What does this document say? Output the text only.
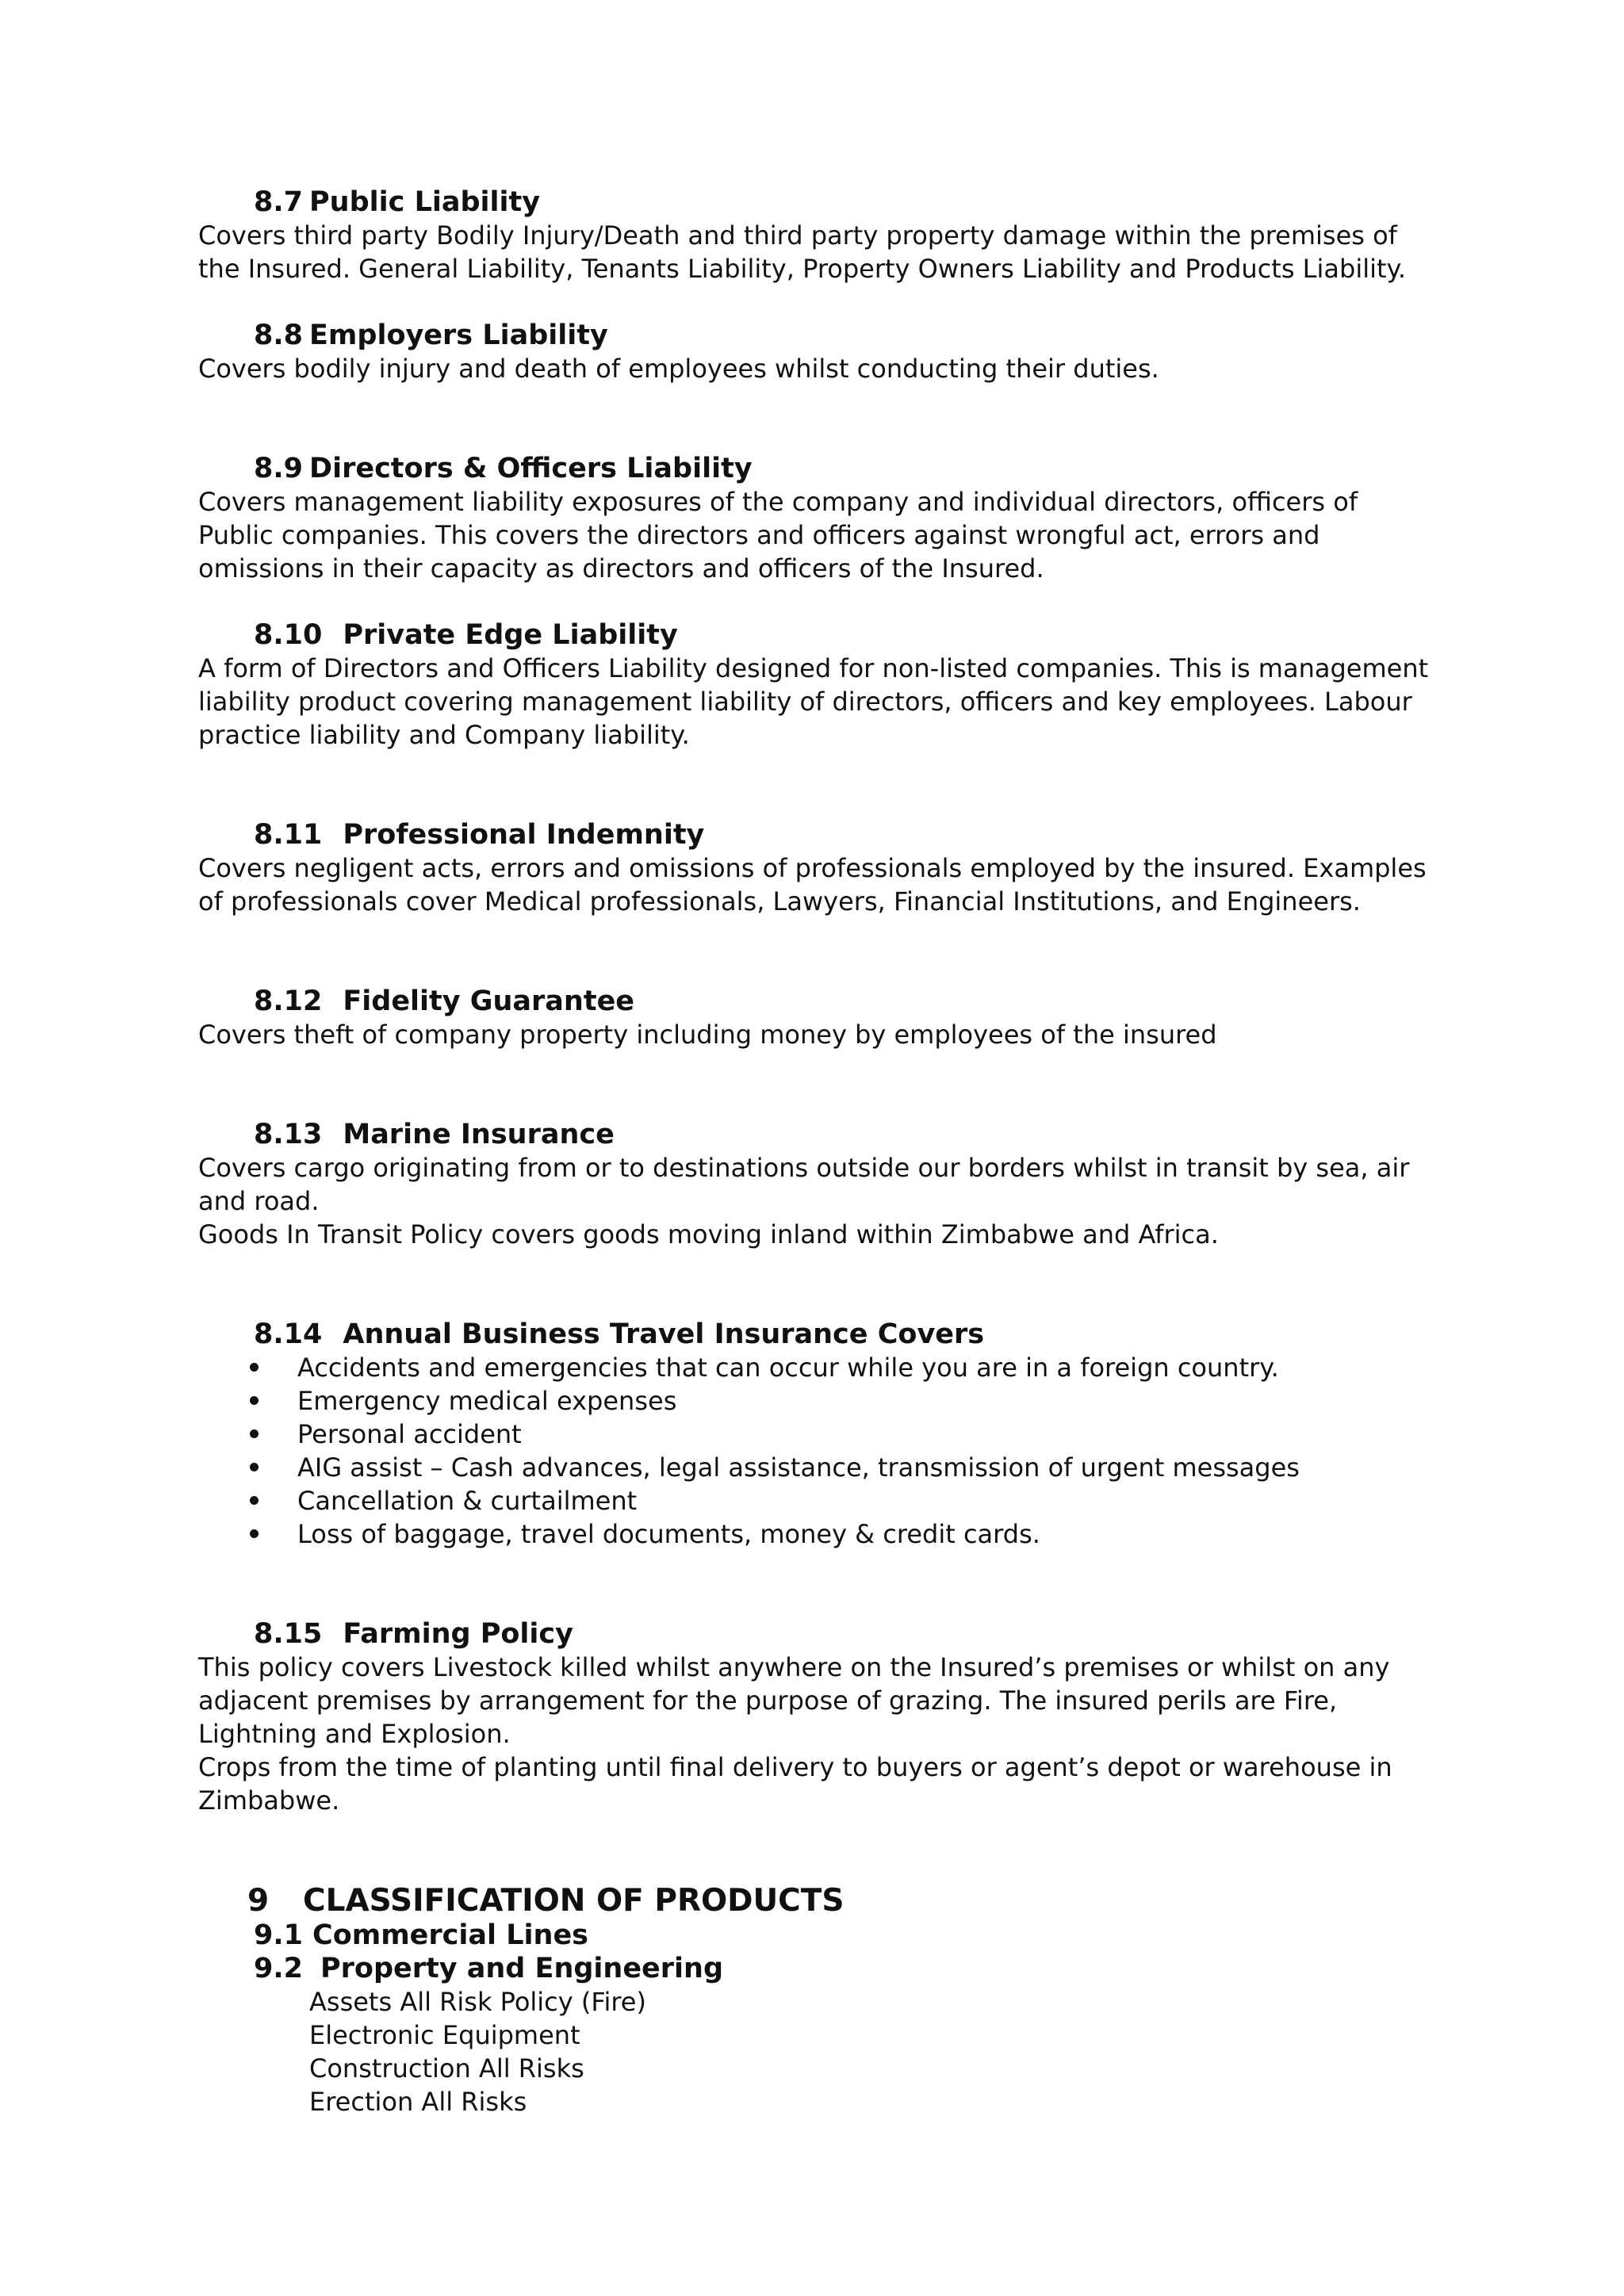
8.7 Public Liability

Covers third party Bodily Injury/Death and third party property damage within the premises of the Insured. General Liability, Tenants Liability, Property Owners Liability and Products Liability.

8.8 Employers Liability

Covers bodily injury and death of employees whilst conducting their duties.

8.9 Directors & Officers Liability

Covers management liability exposures of the company and individual directors, officers of Public companies. This covers the directors and officers against wrongful act, errors and omissions in their capacity as directors and officers of the Insured.

8.10 Private Edge Liability

A form of Directors and Officers Liability designed for non-listed companies. This is management liability product covering management liability of directors, officers and key employees. Labour practice liability and Company liability.

8.11 Professional Indemnity

Covers negligent acts, errors and omissions of professionals employed by the insured. Examples of professionals cover Medical professionals, Lawyers, Financial Institutions, and Engineers.

8.12 Fidelity Guarantee

Covers theft of company property including money by employees of the insured

8.13 Marine Insurance

Covers cargo originating from or to destinations outside our borders whilst in transit by sea, air and road.

Goods In Transit Policy covers goods moving inland within Zimbabwe and Africa.

8.14 Annual Business Travel Insurance Covers
Accidents and emergencies that can occur while you are in a foreign country.
Emergency medical expenses
Personal accident
AIG assist – Cash advances, legal assistance, transmission of urgent messages
Cancellation & curtailment
Loss of baggage, travel documents, money & credit cards.
8.15 Farming Policy

This policy covers Livestock killed whilst anywhere on the Insured’s premises or whilst on any adjacent premises by arrangement for the purpose of grazing. The insured perils are Fire, Lightning and Explosion.

Crops from the time of planting until final delivery to buyers or agent’s depot or warehouse in Zimbabwe.

9 CLASSIFICATION OF PRODUCTS
9.1 Commercial Lines
9.2 Property and Engineering
Assets All Risk Policy (Fire)
Electronic Equipment
Construction All Risks
Erection All Risks
